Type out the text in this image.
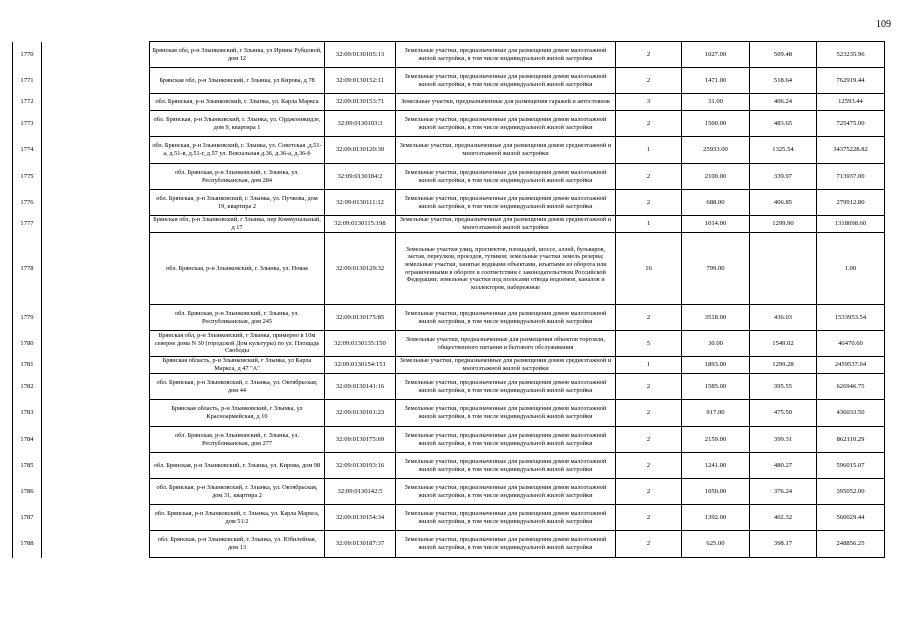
109
1770		Брянская обл, р-н Злынковский, г Злынка, ул Ирины Рубцовой, дом 12	32:09:0130105:13	Земельные участки, предназначенные для размещения домов малоэтажной жилой застройки, в том числе индивидуальной жилой застройки	2	1027.00	509.48	523235.96
1771		Брянская обл, р-н Злынковский, г Злынка, ул Кирова, д 78	32:09:0130152:11	Земельные участки, предназначенные для размещения домов малоэтажной жилой застройки, в том числе индивидуальной жилой застройки	2	1471.00	518.64	762919.44
1772		обл. Брянская, р-н Злынковский, г. Злынка, ул. Карла Маркса	32:09:0130153:71	Земельные участки, предназначенные для размещения гаражей и автостоянок	3	31.00	406.24	12593.44
1773		обл. Брянская, р-н Злынковский, г. Злынка, ул. Орджоникидзе, дом 9, квартира 1	32:09:0130103:3	Земельные участки, предназначенные для размещения домов малоэтажной жилой застройки, в том числе индивидуальной жилой застройки	2	1500.00	483.65	725475.00
1774		обл. Брянская, р-н Злынковский, г. Злынка, ул. Советская ,д.51-а, д.51-в, д.51-г, д.57 ул. Вокзальная д.36, д.36-а, д.36-б	32:09:0130120:30	Земельные участки, предназначенные для размещения домов среднеэтажной и многоэтажной жилой застройки	1	25933.00	1325.54	34375228.82
1775		обл. Брянская, р-н Злынковский, г. Злынка, ул. Республиканская, дом 284	32:09:0130184:2	Земельные участки, предназначенные для размещения домов малоэтажной жилой застройки, в том числе индивидуальной жилой застройки	2	2100.00	339.97	713937.00
1776		обл. Брянская, р-н Злынковский, г. Злынка, ул. Пучкова, дом 19, квартира 2	32:09:0130111:12	Земельные участки, предназначенные для размещения домов малоэтажной жилой застройки, в том числе индивидуальной жилой застройки	2	688.00	406.85	279912.80
1777		Брянская обл, р-н Злынковский, г Злынка, пер Коммунальный, д 17	32:09:0130115:198	Земельные участки, предназначенные для размещения домов среднеэтажной и многоэтажной жилой застройки	1	1014.00	1299.90	1318098.60
1778		обл. Брянская, р-н Злынковский, г. Злынка, ул. Новая	32:09:0130129:32	Земельные участки улиц, проспектов, площадей, шоссе, аллей, бульваров, застав, переулков, проездов, тупиков; земельные участки земель резерва; земельные участки, занятые водными объектами, изъятыми из оборота или ограниченными в обороте в соответствии с законодательством Российской Федерации; земельные участки под полосами отвода водоемов, каналов и коллекторов, набережные	16	799.00		1.00
1779		обл. Брянская, р-н Злынковский, г. Злынка, ул. Республиканская, дом 245	32:09:0130175:85	Земельные участки, предназначенные для размещения домов малоэтажной жилой застройки, в том числе индивидуальной жилой застройки	2	3518.00	436.03	1533953.54
1780		Брянская обл, р-н Злынковский, г Злынка, примерно в 10м северне дома N 30 (городской Дом культуры) по ул. Площадь Свободы	32:09:0130135:150	Земельные участки, предназначенные для размещения объектов торговли, общественного питания и бытового обслуживания	5	30.00	1549.02	46470.60
1781		Брянская область, р-н Злынковский, г Злынка, ул Карла Маркса, д 47 "А"	32:09:0130154:151	Земельные участки, предназначенные для размещения домов среднеэтажной и многоэтажной жилой застройки	1	1893.00	1299.28	2459537.04
1782		обл. Брянская, р-н Злынковский, г. Злынка, ул. Октябрьская, дом 44	32:09:0130141:16	Земельные участки, предназначенные для размещения домов малоэтажной жилой застройки, в том числе индивидуальной жилой застройки	2	1585.00	395.55	626946.75
1783		Брянская область, р-н Злынковский, г Злынка, ул Красноармейская, д 10	32:09:0130101:23	Земельные участки, предназначенные для размещения домов малоэтажной жилой застройки, в том числе индивидуальной жилой застройки	2	917.00	475.50	436033.50
1784		обл. Брянская, р-н Злынковский, г. Злынка, ул. Республиканская, дом 277	32:09:0130175:69	Земельные участки, предназначенные для размещения домов малоэтажной жилой застройки, в том числе индивидуальной жилой застройки	2	2159.00	399.31	862110.29
1785		обл. Брянская, р-н Злынковский, г. Злынка, ул. Кирова, дом 98	32:09:0130193:16	Земельные участки, предназначенные для размещения домов малоэтажной жилой застройки, в том числе индивидуальной жилой застройки	2	1241.00	480.27	596015.07
1786		обл. Брянская, р-н Злынковский, г. Злынка, ул. Октябрьская, дом 31, квартира 2	32:09:0130142:5	Земельные участки, предназначенные для размещения домов малоэтажной жилой застройки, в том числе индивидуальной жилой застройки	2	1050.00	376.24	395052.00
1787		обл. Брянская, р-н Злынковский, г. Злынка, ул. Карла Маркса, дом 51/2	32:09:0130154:34	Земельные участки, предназначенные для размещения домов малоэтажной жилой застройки, в том числе индивидуальной жилой застройки	2	1392.00	402.32	560029.44
1788		обл. Брянская, р-н Злынковский, г. Злынка, ул. Юбилейная, дом 13	32:09:0130187:37	Земельные участки, предназначенные для размещения домов малоэтажной жилой застройки, в том числе индивидуальной жилой застройки	2	625.00	398.17	248856.25
